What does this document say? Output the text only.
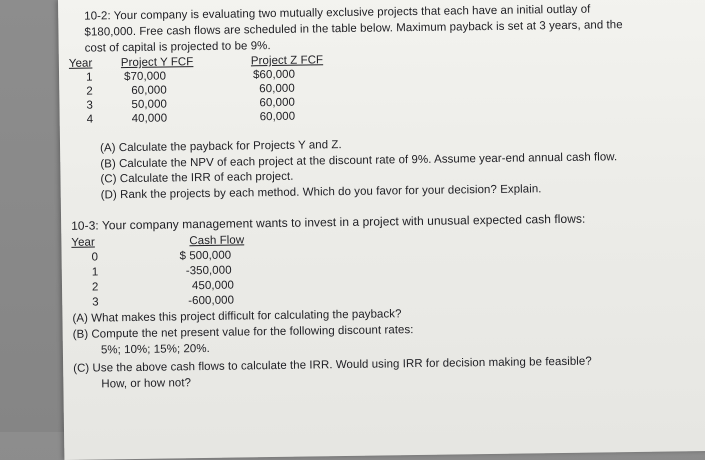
10-2: Your company is evaluating two mutually exclusive projects that each have an initial outlay of
$180,000. Free cash flows are scheduled in the table below. Maximum payback is set at 3 years, and the
cost of capital is projected to be 9%.
Year Project Y FCF	Project Z FCF
1	$70,000	$60,000
2	60,000	60,000
3	50,000	60,000
4	40,000	60,000
(A) Calculate the payback for Projects Y and Z.
(B) Calculate the NPV of each project at the discount rate of 9%. Assume year-end annual cash flow.
(C) Calculate the IRR of each project.
(D) Rank the projects by each method. Which do you favor for your decision? Explain.
10-3: Your company management wants to invest in a project with unusual expected cash flows:
Year	Cash Flow
0	$ 500,000
1	-350,000
2	450,000
3	-600,000
(A) What makes this project difficult for calculating the payback?
(B) Compute the net present value for the following discount rates:
5%; 10%; 15%; 20%.
(C) Use the above cash flows to calculate the IRR. Would using IRR for decision making be feasible?
How, or how not?
